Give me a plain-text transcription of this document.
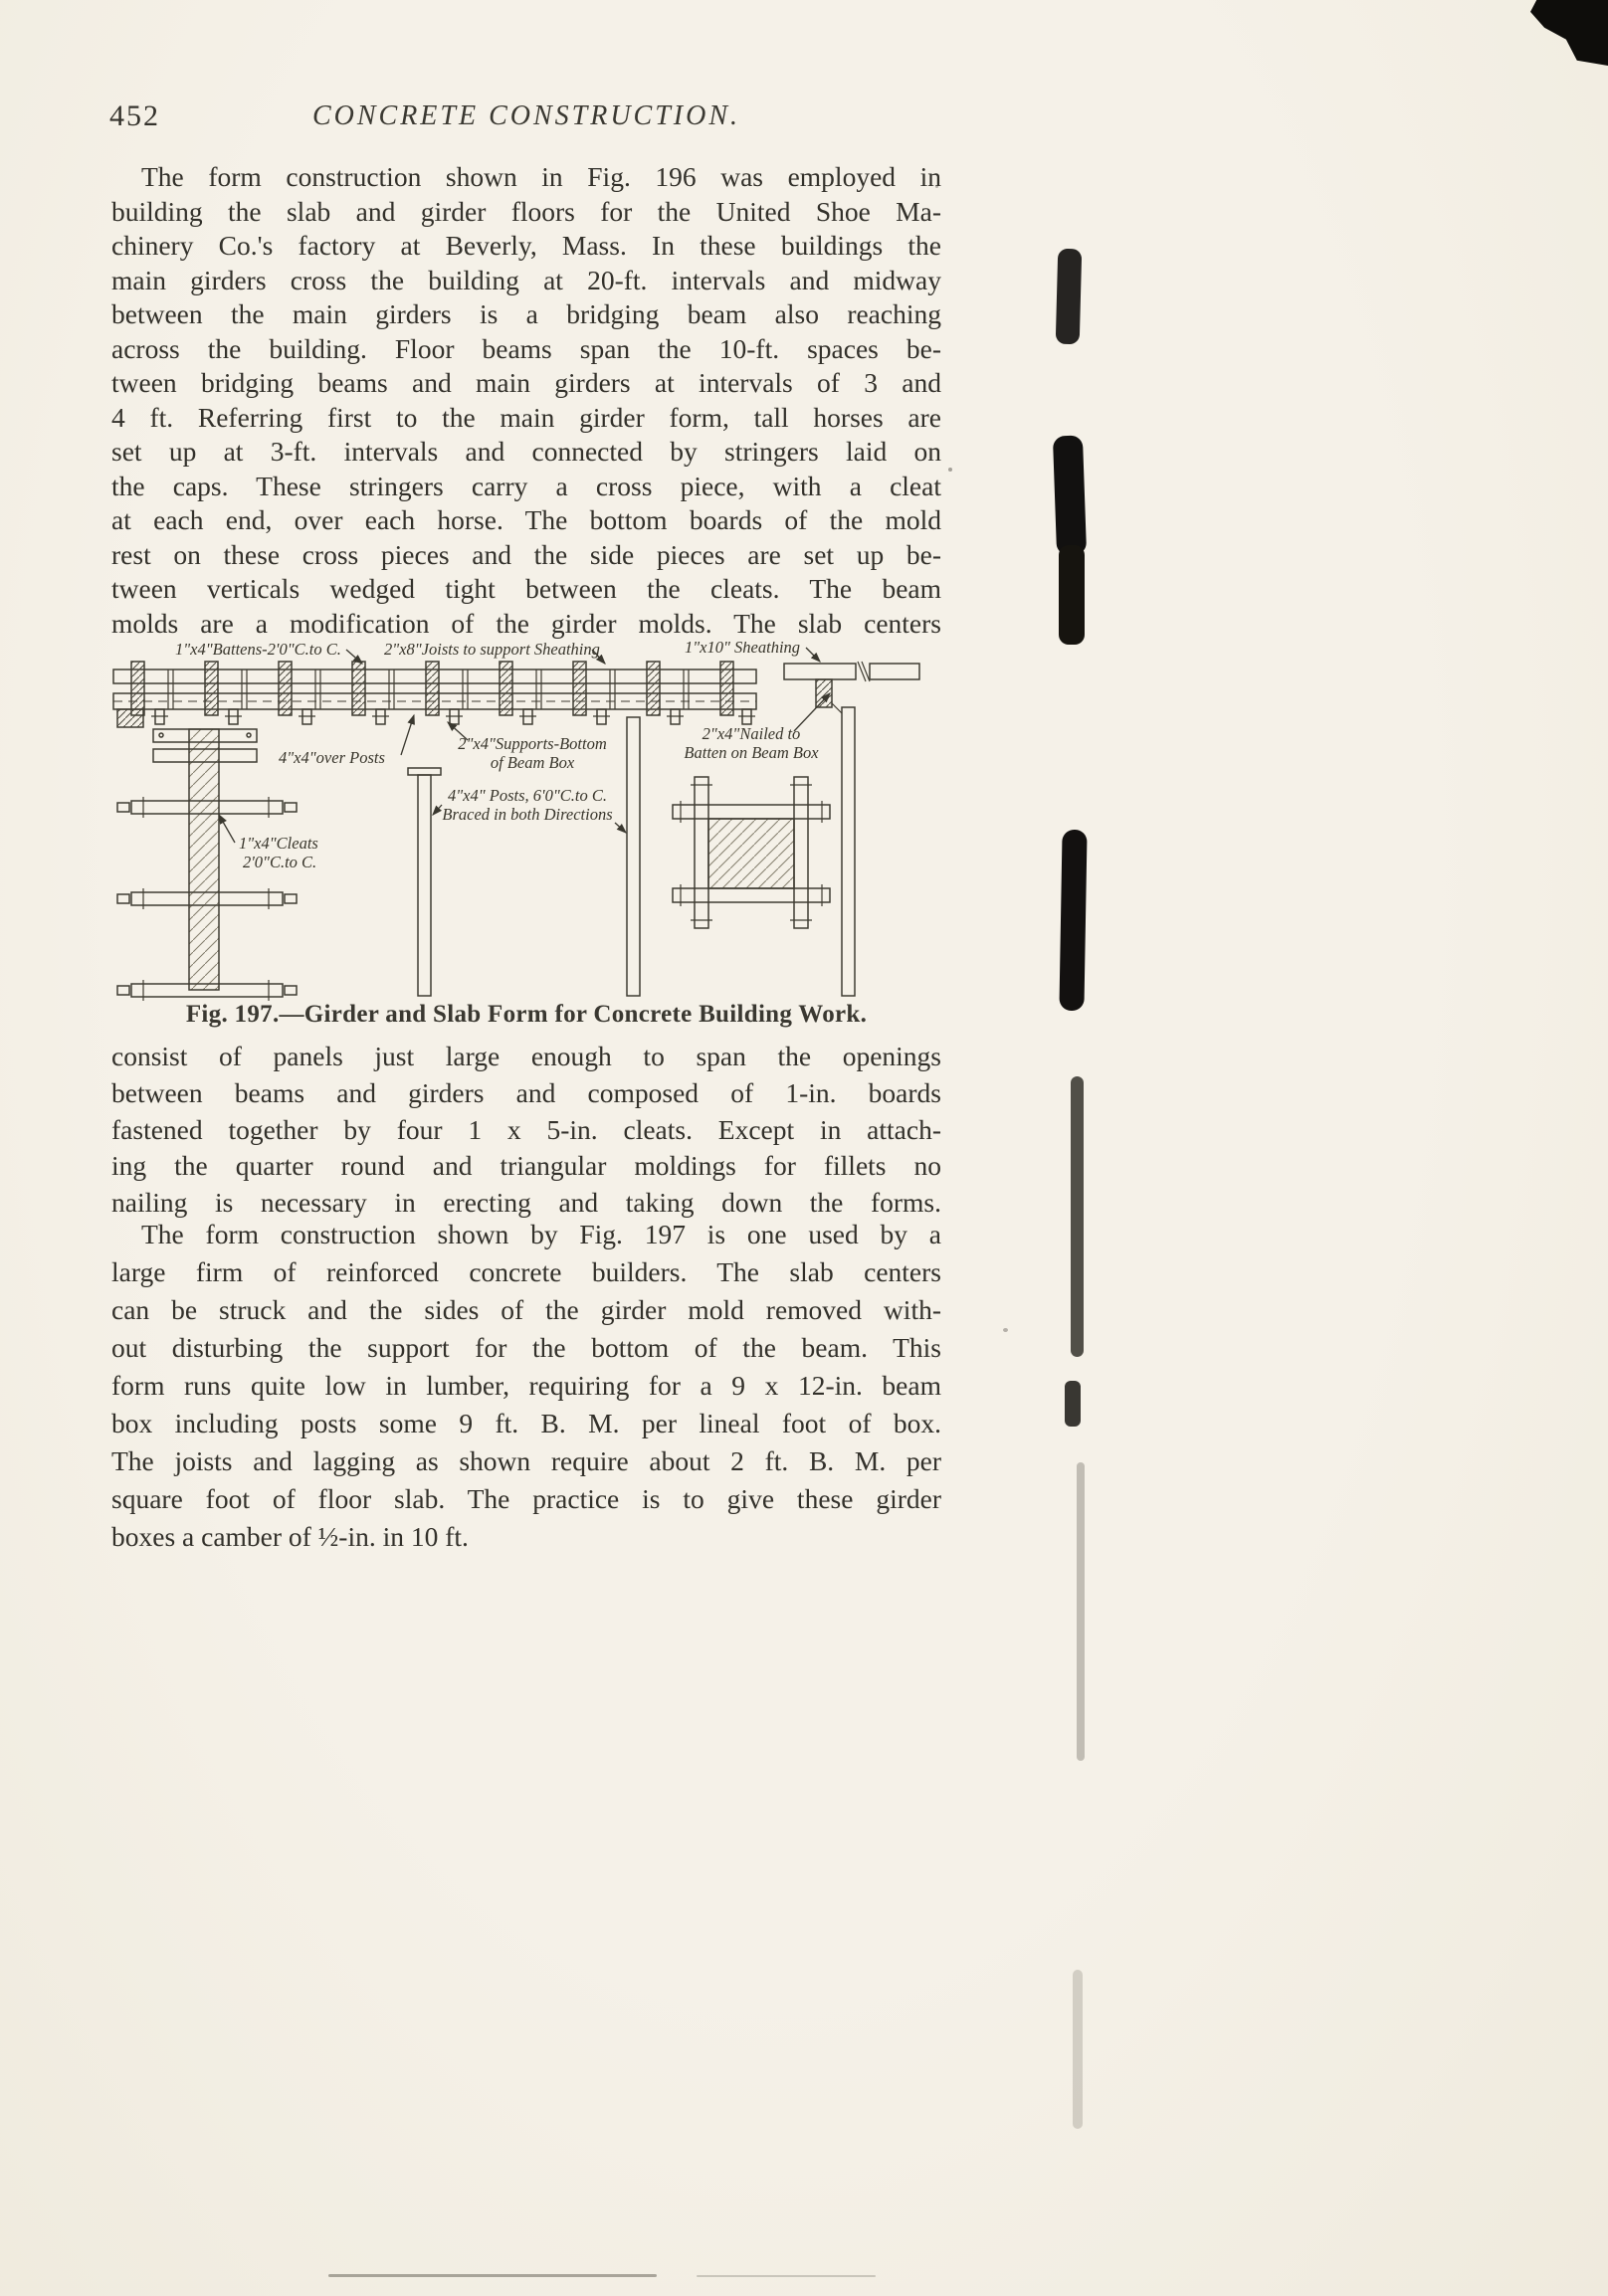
452	CONCRETE CONSTRUCTION.
The form construction shown in Fig. 196 was employed in
building the slab and girder floors for the United Shoe Ma-
chinery Co.'s factory at Beverly, Mass. In these buildings the
main girders cross the building at 20-ft. intervals and midway
between the main girders is a bridging beam also reaching
across the building. Floor beams span the 10-ft. spaces be-
tween bridging beams and main girders at intervals of 3 and
4 ft. Referring first to the main girder form, tall horses are
set up at 3-ft. intervals and connected by stringers laid on
the caps. These stringers carry a cross piece, with a cleat
at each end, over each horse. The bottom boards of the mold
rest on these cross pieces and the side pieces are set up be-
tween verticals wedged tight between the cleats. The beam
molds are a modification of the girder molds. The slab centers
1"x4"Battens-2'0"C.to C.	2"x8"Joists to support Sheathing	1"x10" Sheathing
4"x4"over Posts
2"x4"Supports-Bottom
of Beam Box
2"x4"Nailed to
Batten on Beam Box
4"x4" Posts, 6'0"C.to C.
Braced in both Directions
1"x4"Cleats
2'0"C.to C.
Fig. 197.—Girder and Slab Form for Concrete Building Work.
consist of panels just large enough to span the openings
between beams and girders and composed of 1-in. boards
fastened together by four 1 x 5-in. cleats. Except in attach-
ing the quarter round and triangular moldings for fillets no
nailing is necessary in erecting and taking down the forms.
The form construction shown by Fig. 197 is one used by a
large firm of reinforced concrete builders. The slab centers
can be struck and the sides of the girder mold removed with-
out disturbing the support for the bottom of the beam. This
form runs quite low in lumber, requiring for a 9 x 12-in. beam
box including posts some 9 ft. B. M. per lineal foot of box.
The joists and lagging as shown require about 2 ft. B. M. per
square foot of floor slab. The practice is to give these girder
boxes a camber of ½-in. in 10 ft.
